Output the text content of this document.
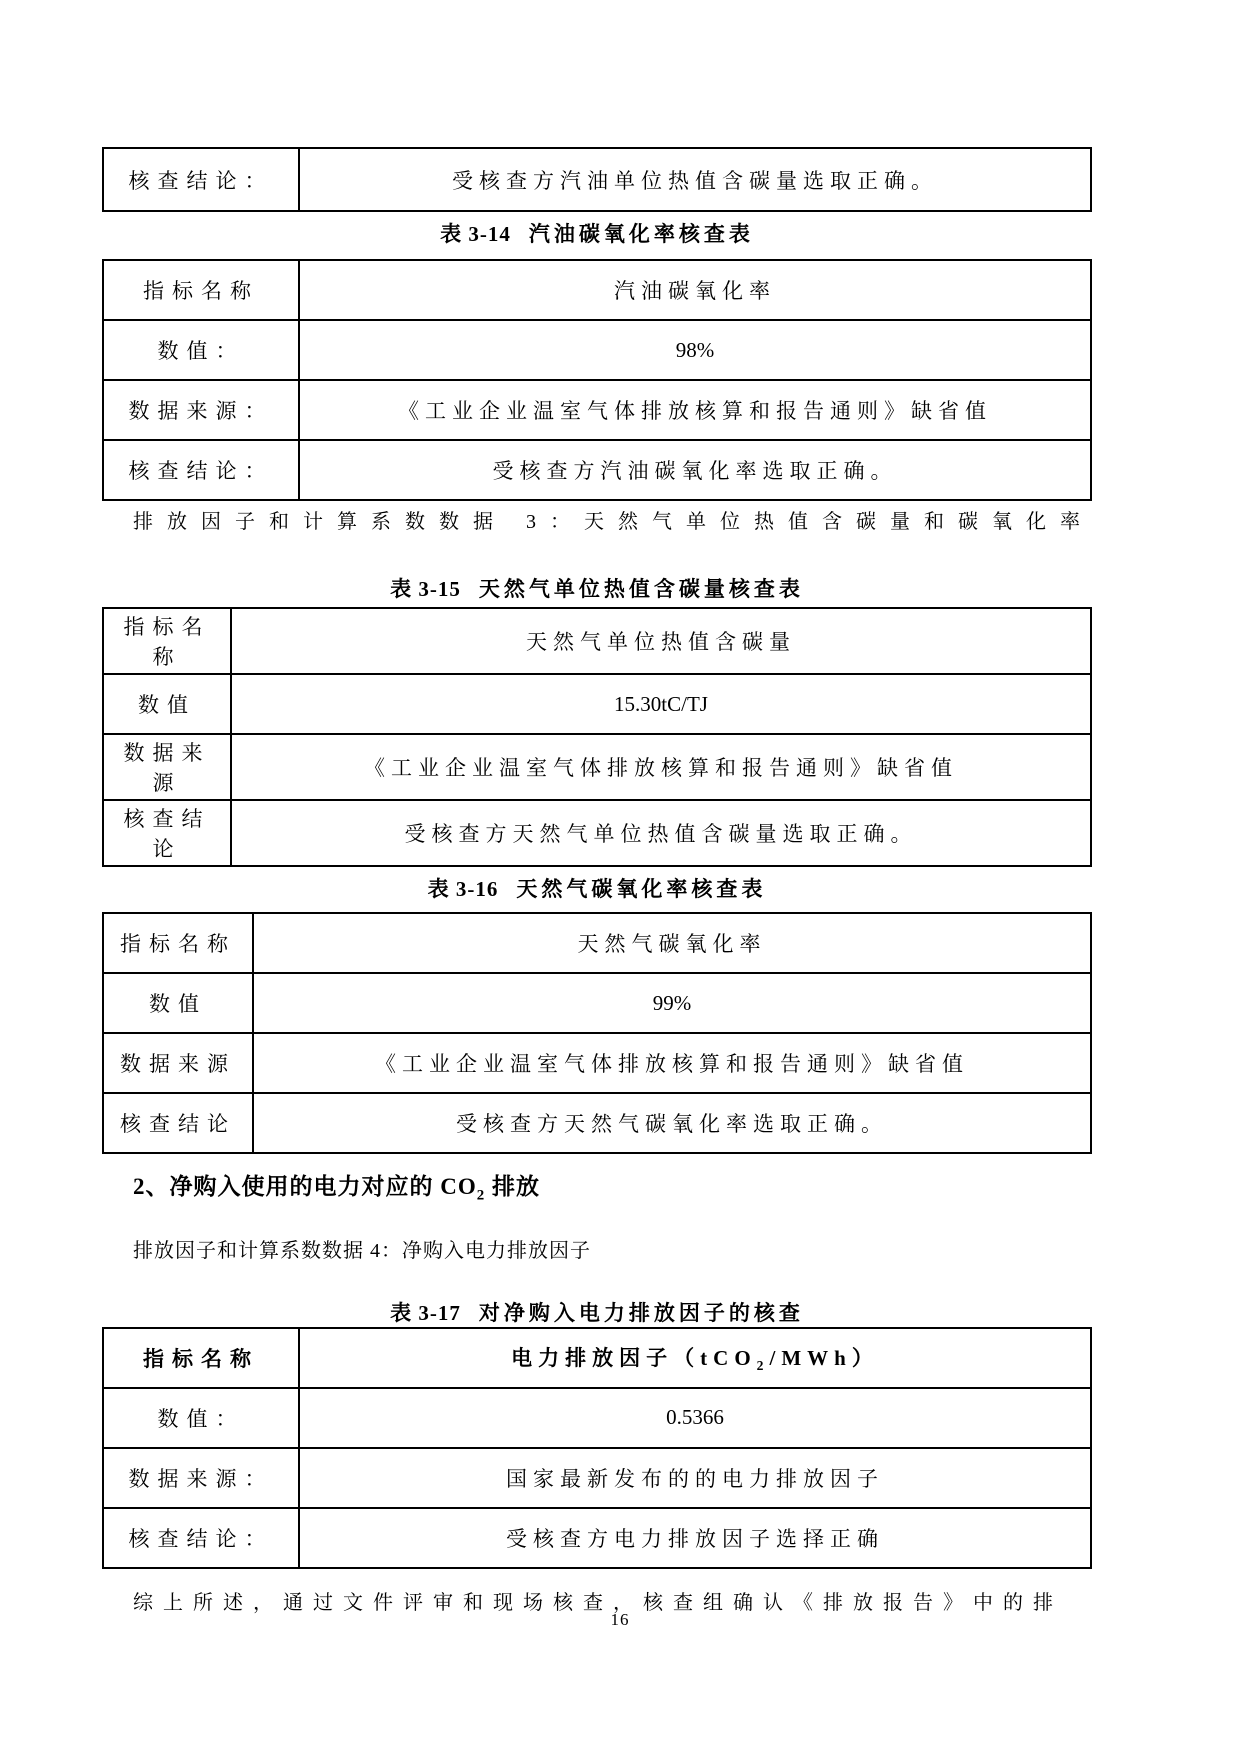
核查结论：	受核查方汽油单位热值含碳量选取正确。
表 3-14 汽油碳氧化率核查表
指标名称	汽油碳氧化率
数值：	98%
数据来源：	《工业企业温室气体排放核算和报告通则》缺省值
核查结论：	受核查方汽油碳氧化率选取正确。
排放因子和计算系数数据 3：天然气单位热值含碳量和碳氧化率
表 3-15 天然气单位热值含碳量核查表
指标名称	天然气单位热值含碳量
数值	15.30tC/TJ
数据来源	《工业企业温室气体排放核算和报告通则》缺省值
核查结论	受核查方天然气单位热值含碳量选取正确。
表 3-16 天然气碳氧化率核查表
指标名称	天然气碳氧化率
数值	99%
数据来源	《工业企业温室气体排放核算和报告通则》缺省值
核查结论	受核查方天然气碳氧化率选取正确。
2、净购入使用的电力对应的 $CO_2$ 排放
排放因子和计算系数数据 4：净购入电力排放因子
表 3-17 对净购入电力排放因子的核查
指标名称	电力排放因子（tCO$_2$/MWh）
数值：	0.5366
数据来源：	国家最新发布的的电力排放因子
核查结论：	受核查方电力排放因子选择正确
综上所述，通过文件评审和现场核查，核查组确认《排放报告》中的排
16
